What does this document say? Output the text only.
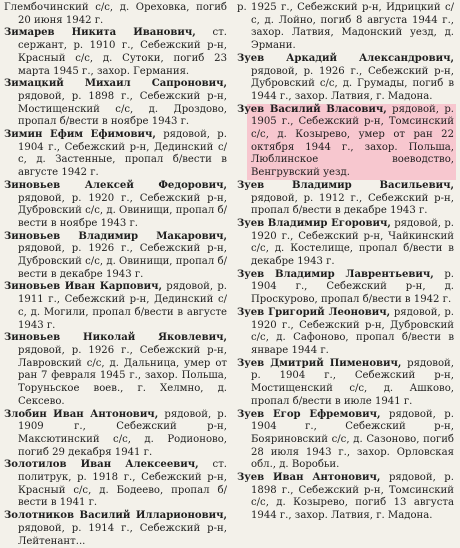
Глембочинский с/с, д. Ореховка, погиб 20 июня 1942 г.

Зимарев Никита Иванович, ст. сержант, р. 1910 г., Себежский р-н, Красный с/с, д. Сутоки, погиб 23 марта 1945 г., захор. Германия.

Зимацкий Михаил Сапронович, рядовой, р. 1898 г., Себежский р-н, Мостищенский с/с, д. Дроздово, пропал б/вести в ноябре 1943 г.

Зимин Ефим Ефимович, рядовой, р. 1904 г., Себежский р-н, Дединский с/с, д. Застенные, пропал б/вести в августе 1942 г.

Зиновьев Алексей Федорович, рядовой, р. 1920 г., Себежский р-н, Дубровский с/с, д. Овинищи, пропал б/вести в ноябре 1943 г.

Зиновьев Владимир Макарович, рядовой, р. 1926 г., Себежский р-н, Дубровский с/с, д. Овинищи, пропал б/вести в декабре 1943 г.

Зиновьев Иван Карпович, рядовой, р. 1911 г., Себежский р-н, Дединский с/с, д. Могили, пропал б/вести в августе 1943 г.

Зиновьев Николай Яковлевич, рядовой, р. 1926 г., Себежский р-н, Лавровский с/с, д. Дальница, умер от ран 7 февраля 1945 г., захор. Польша, Торуньское воев., г. Хелмно, д. Сексево.

Злобин Иван Антонович, рядовой, р. 1909 г., Себежский р-н, Максютинский с/с, д. Родионово, погиб 29 декабря 1941 г.

Золотилов Иван Алексеевич, ст. политрук, р. 1918 г., Себежский р-н, Красный с/с, д. Бодеево, пропал б/вести в 1941 г.

Золотников Василий Илларионович, рядовой, р. 1914 г., Себежский р-н, Лейтенант...

р. 1925 г., Себежский р-н, Идрицкий с/с, д. Лойно, погиб 8 августа 1944 г., захор. Латвия, Мадонский уезд, д. Эрмани.

Зуев Аркадий Александрович, рядовой, р. 1926 г., Себежский р-н, Дубровский с/с, д. Грумады, погиб в 1944 г., захор. Латвия, г. Мадона.

Зуев Василий Власович, рядовой, р. 1905 г., Себежский р-н, Томсинский с/с, д. Козырево, умер от ран 22 октября 1944 г., захор. Польша, Люблинское воеводство, Венгрувский уезд.

Зуев Владимир Васильевич, рядовой, р. 1912 г., Себежский р-н, пропал б/вести в декабре 1943 г.

Зуев Владимир Егорович, рядовой, р. 1920 г., Себежский р-н, Чайкинский с/с, д. Костелище, пропал б/вести в декабре 1943 г.

Зуев Владимир Лаврентьевич, р. 1904 г., Себежский р-н, д. Проскурово, пропал б/вести в 1942 г.

Зуев Григорий Леонович, рядовой, р. 1920 г., Себежский р-н, Дубровский с/с, д. Сафоново, пропал б/вести в январе 1944 г.

Зуев Дмитрий Пименович, рядовой, р. 1904 г., Себежский р-н, Мостищенский с/с, д. Ашково, пропал б/вести в июле 1941 г.

Зуев Егор Ефремович, рядовой, р. 1904 г., Себежский р-н, Бояриновский с/с, д. Сазоново, погиб 28 июля 1943 г., захор. Орловская обл., д. Воробьи.

Зуев Иван Антонович, рядовой, р. 1898 г., Себежский р-н, Томсинский с/с, д. Козырево, погиб 13 августа 1944 г., захор. Латвия, г. Мадона.
